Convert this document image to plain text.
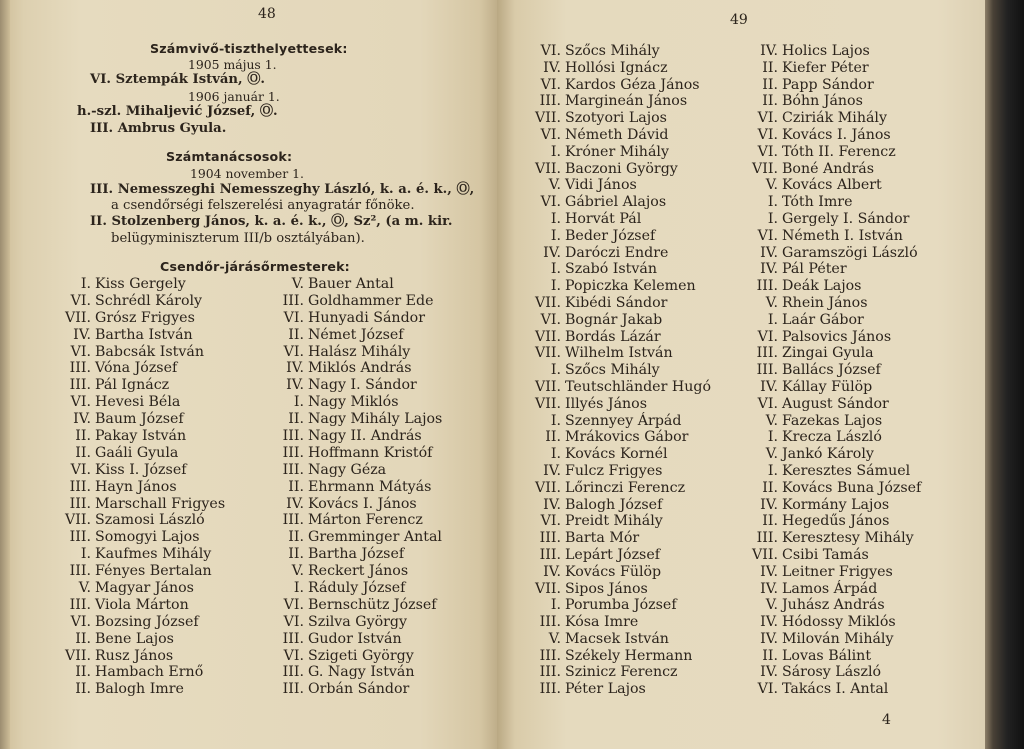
48
Számvivő-tiszthelyettesek:
1905 május 1.
VI. Sztempák István, Ⓞ.
1906 január 1.
h.-szl. Mihaljević József, Ⓞ.
III. Ambrus Gyula.
Számtanácsosok:
1904 november 1.
III. Nemesszeghi Nemesszeghy László, k. a. é. k., Ⓞ,
a csendőrségi felszerelési anyagratár főnöke.
II. Stolzenberg János, k. a. é. k., Ⓞ, Sz², (a m. kir.
belügyminiszterum III/b osztályában).
Csendőr-járásőrmesterek:
I. Kiss Gergely
VI. Schrédl Károly
VII. Grósz Frigyes
IV. Bartha István
VI. Babcsák István
III. Vóna József
III. Pál Ignácz
VI. Hevesi Béla
IV. Baum József
II. Pakay István
II. Gaáli Gyula
VI. Kiss I. József
III. Hayn János
III. Marschall Frigyes
VII. Szamosi László
III. Somogyi Lajos
I. Kaufmes Mihály
III. Fényes Bertalan
V. Magyar János
III. Viola Márton
VI. Bozsing József
II. Bene Lajos
VII. Rusz János
II. Hambach Ernő
II. Balogh Imre
V. Bauer Antal
III. Goldhammer Ede
VI. Hunyadi Sándor
II. Német József
VI. Halász Mihály
IV. Miklós András
IV. Nagy I. Sándor
I. Nagy Miklós
II. Nagy Mihály Lajos
III. Nagy II. András
III. Hoffmann Kristóf
III. Nagy Géza
II. Ehrmann Mátyás
IV. Kovács I. János
III. Márton Ferencz
II. Gremminger Antal
II. Bartha József
V. Reckert János
I. Ráduly József
VI. Bernschütz József
VI. Szilva György
III. Gudor István
VI. Szigeti György
III. G. Nagy István
III. Orbán Sándor
49
VI. Szőcs Mihály
IV. Hollósi Ignácz
VI. Kardos Géza János
III. Margineán János
VII. Szotyori Lajos
VI. Németh Dávid
I. Króner Mihály
VII. Baczoni György
V. Vidi János
VI. Gábriel Alajos
I. Horvát Pál
I. Beder József
IV. Daróczi Endre
I. Szabó István
I. Popiczka Kelemen
VII. Kibédi Sándor
VI. Bognár Jakab
VII. Bordás Lázár
VII. Wilhelm István
I. Szőcs Mihály
VII. Teutschländer Hugó
VII. Illyés János
I. Szennyey Árpád
II. Mrákovics Gábor
I. Kovács Kornél
IV. Fulcz Frigyes
VII. Lőrinczi Ferencz
IV. Balogh József
VI. Preidt Mihály
III. Barta Mór
III. Lepárt József
IV. Kovács Fülöp
VII. Sipos János
I. Porumba József
III. Kósa Imre
V. Macsek István
III. Székely Hermann
III. Szinicz Ferencz
III. Péter Lajos
IV. Holics Lajos
II. Kiefer Péter
II. Papp Sándor
II. Bóhn János
VI. Cziriák Mihály
VI. Kovács I. János
VI. Tóth II. Ferencz
VII. Boné András
V. Kovács Albert
I. Tóth Imre
I. Gergely I. Sándor
VI. Németh I. István
IV. Garamszögi László
IV. Pál Péter
III. Deák Lajos
V. Rhein János
I. Laár Gábor
VI. Palsovics János
III. Zingai Gyula
III. Ballács József
IV. Kállay Fülöp
VI. August Sándor
V. Fazekas Lajos
I. Krecza László
V. Jankó Károly
I. Keresztes Sámuel
II. Kovács Buna József
IV. Kormány Lajos
II. Hegedűs János
III. Keresztesy Mihály
VII. Csibi Tamás
IV. Leitner Frigyes
IV. Lamos Árpád
V. Juhász András
IV. Hódossy Miklós
IV. Milován Mihály
II. Lovas Bálint
IV. Sárosy László
VI. Takács I. Antal
4
